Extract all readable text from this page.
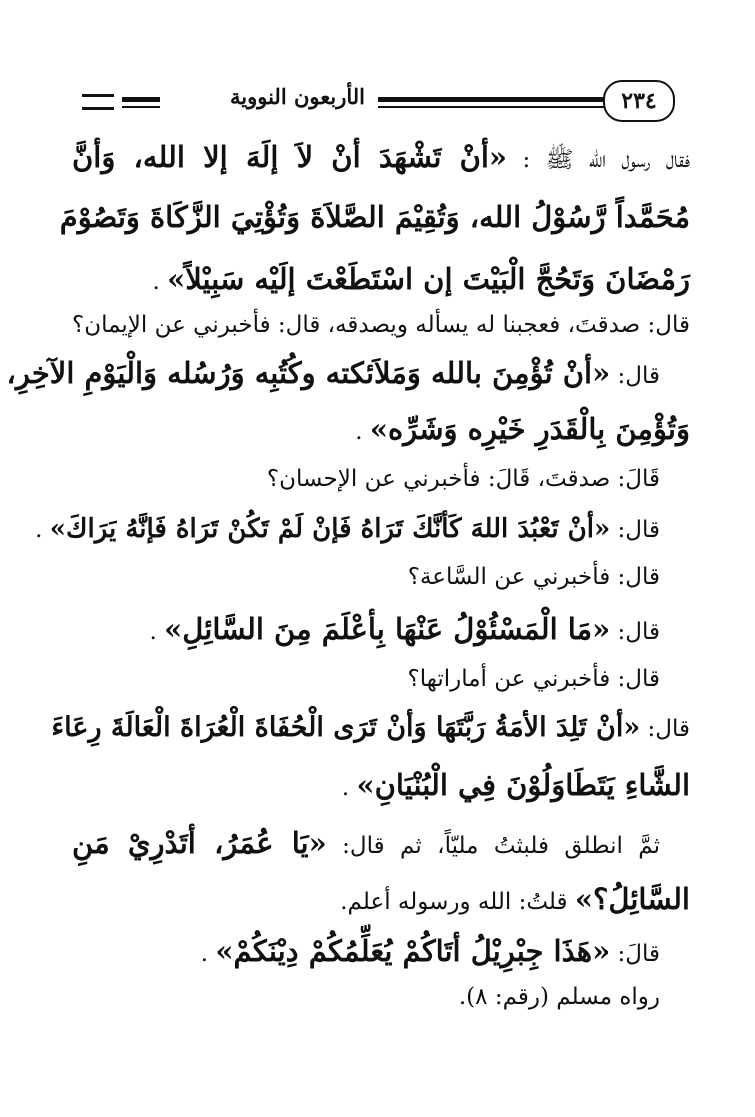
الأربعون النووية	٢٣٤
فقال رسول الله ﷺ : «أنْ تَشْهَدَ أنْ لاَ إلَهَ إلا الله، وَأنَّ
مُحَمَّداً رَّسُوْلُ الله، وَتُقِيْمَ الصَّلاَةَ وَتُؤْتِيَ الزَّكَاةَ وَتَصُوْمَ
رَمْضَانَ وَتَحُجَّ الْبَيْتَ إن اسْتَطَعْتَ إلَيْه سَبِيْلاً» .
قال: صدقتَ، فعجبنا له يسأله ويصدقه، قال: فأخبرني عن الإيمان؟
قال: «أنْ تُؤْمِنَ بالله وَمَلاَئكته وكُتُبِه وَرُسُله وَالْيَوْمِ الآخِرِ،
وَتُؤْمِنَ بِالْقَدَرِ خَيْرِه وَشَرِّه» .
قَالَ: صدقتَ، قَالَ: فأخبرني عن الإحسان؟
قال: «أنْ تَعْبُدَ اللهَ كَأنَّكَ تَرَاهُ فَإنْ لَمْ تَكُنْ تَرَاهُ فَإنَّهُ يَرَاكَ» .
قال: فأخبرني عن السَّاعة؟
قال: «مَا الْمَسْئُوْلُ عَنْهَا بِأعْلَمَ مِنَ السَّائِلِ» .
قال: فأخبرني عن أماراتها؟
قال: «أنْ تَلِدَ الأمَةُ رَبَّتَهَا وَأنْ تَرَى الْحُفَاةَ الْعُرَاةَ الْعَالَةَ رِعَاءَ
الشَّاءِ يَتَطَاوَلُوْنَ فِي الْبُنْيَانِ» .
ثمَّ انطلق فلبثتُ مليّاً، ثم قال: «يَا عُمَرُ، أتَدْرِيْ مَنِ
السَّائِلُ؟» قلتُ: الله ورسوله أعلم.
قالَ: «هَذَا جِبْرِيْلُ أتَاكُمْ يُعَلِّمُكُمْ دِيْنَكُمْ» .
رواه مسلم (رقم: ٨).
